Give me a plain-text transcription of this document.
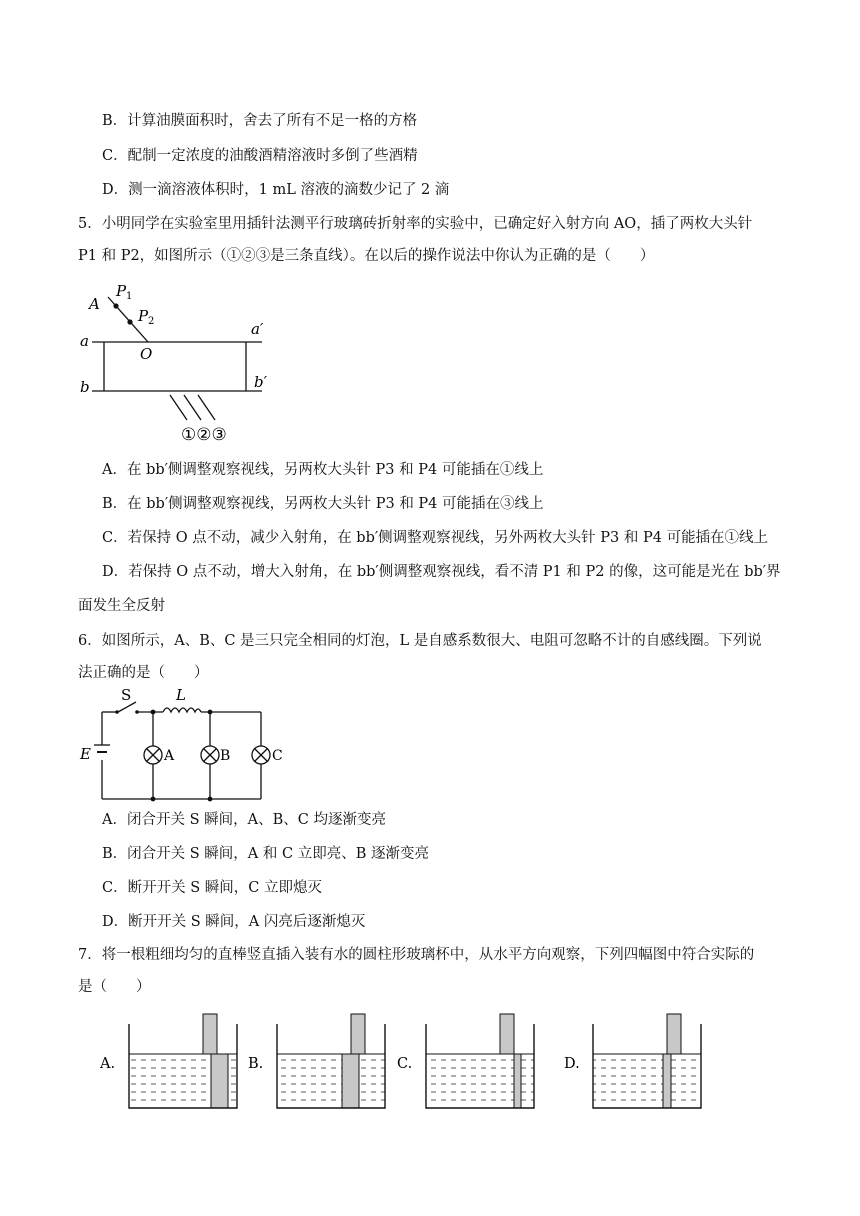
B．计算油膜面积时，舍去了所有不足一格的方格
C．配制一定浓度的油酸酒精溶液时多倒了些酒精
D．测一滴溶液体积时，1 mL 溶液的滴数少记了 2 滴
5．小明同学在实验室里用插针法测平行玻璃砖折射率的实验中，已确定好入射方向 AO，插了两枚大头针
P1 和 P2，如图所示（①②③是三条直线）。在以后的操作说法中你认为正确的是（　　）
A
P 1
P 2
a
a′
O
b	b′
①②③
A．在 bb′侧调整观察视线，另两枚大头针 P3 和 P4 可能插在①线上
B．在 bb′侧调整观察视线，另两枚大头针 P3 和 P4 可能插在③线上
C．若保持 O 点不动，减少入射角，在 bb′侧调整观察视线，另外两枚大头针 P3 和 P4 可能插在①线上
D．若保持 O 点不动，增大入射角，在 bb′侧调整观察视线，看不清 P1 和 P2 的像，这可能是光在 bb′界
面发生全反射
6．如图所示，A、B、C 是三只完全相同的灯泡，L 是自感系数很大、电阻可忽略不计的自感线圈。下列说
法正确的是（　　）
S	L
E	A	B	C
A．闭合开关 S 瞬间，A、B、C 均逐渐变亮
B．闭合开关 S 瞬间，A 和 C 立即亮、B 逐渐变亮
C．断开开关 S 瞬间，C 立即熄灭
D．断开开关 S 瞬间，A 闪亮后逐渐熄灭
7．将一根粗细均匀的直棒竖直插入装有水的圆柱形玻璃杯中，从水平方向观察，下列四幅图中符合实际的
是（　　）
A.	B.	C.	D.
